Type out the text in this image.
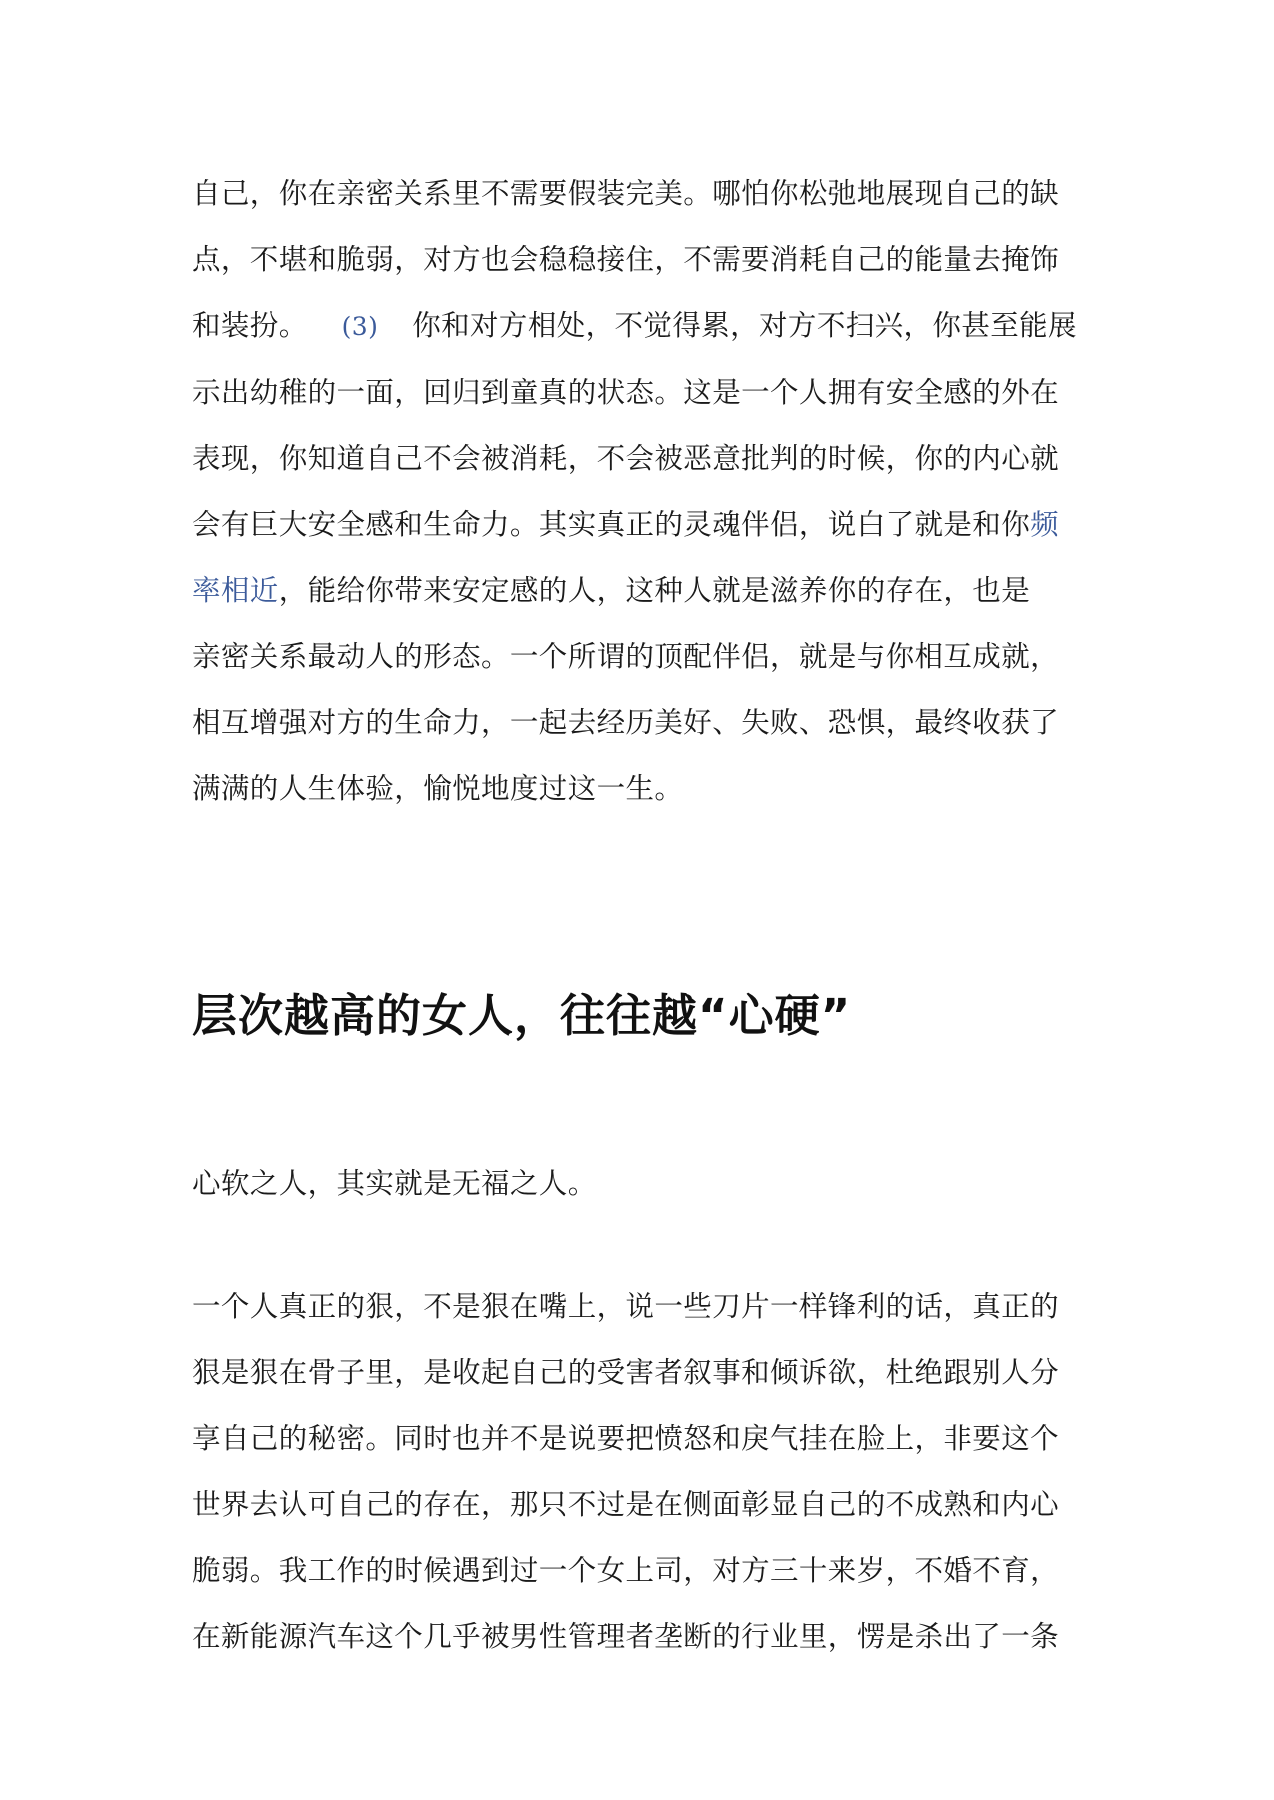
自己，你在亲密关系里不需要假装完美。哪怕你松弛地展现自己的缺
点，不堪和脆弱，对方也会稳稳接住，不需要消耗自己的能量去掩饰
和装扮。 (3) 你和对方相处，不觉得累，对方不扫兴，你甚至能展
示出幼稚的一面，回归到童真的状态。这是一个人拥有安全感的外在
表现，你知道自己不会被消耗，不会被恶意批判的时候，你的内心就
会有巨大安全感和生命力。其实真正的灵魂伴侣，说白了就是和你频
率相近，能给你带来安定感的人，这种人就是滋养你的存在，也是
亲密关系最动人的形态。一个所谓的顶配伴侣，就是与你相互成就，
相互增强对方的生命力，一起去经历美好、失败、恐惧，最终收获了
满满的人生体验，愉悦地度过这一生。

层次越高的女人，往往越“心硬”

心软之人，其实就是无福之人。

一个人真正的狠，不是狠在嘴上，说一些刀片一样锋利的话，真正的
狠是狠在骨子里，是收起自己的受害者叙事和倾诉欲，杜绝跟别人分
享自己的秘密。同时也并不是说要把愤怒和戾气挂在脸上，非要这个
世界去认可自己的存在，那只不过是在侧面彰显自己的不成熟和内心
脆弱。我工作的时候遇到过一个女上司，对方三十来岁，不婚不育，
在新能源汽车这个几乎被男性管理者垄断的行业里，愣是杀出了一条
